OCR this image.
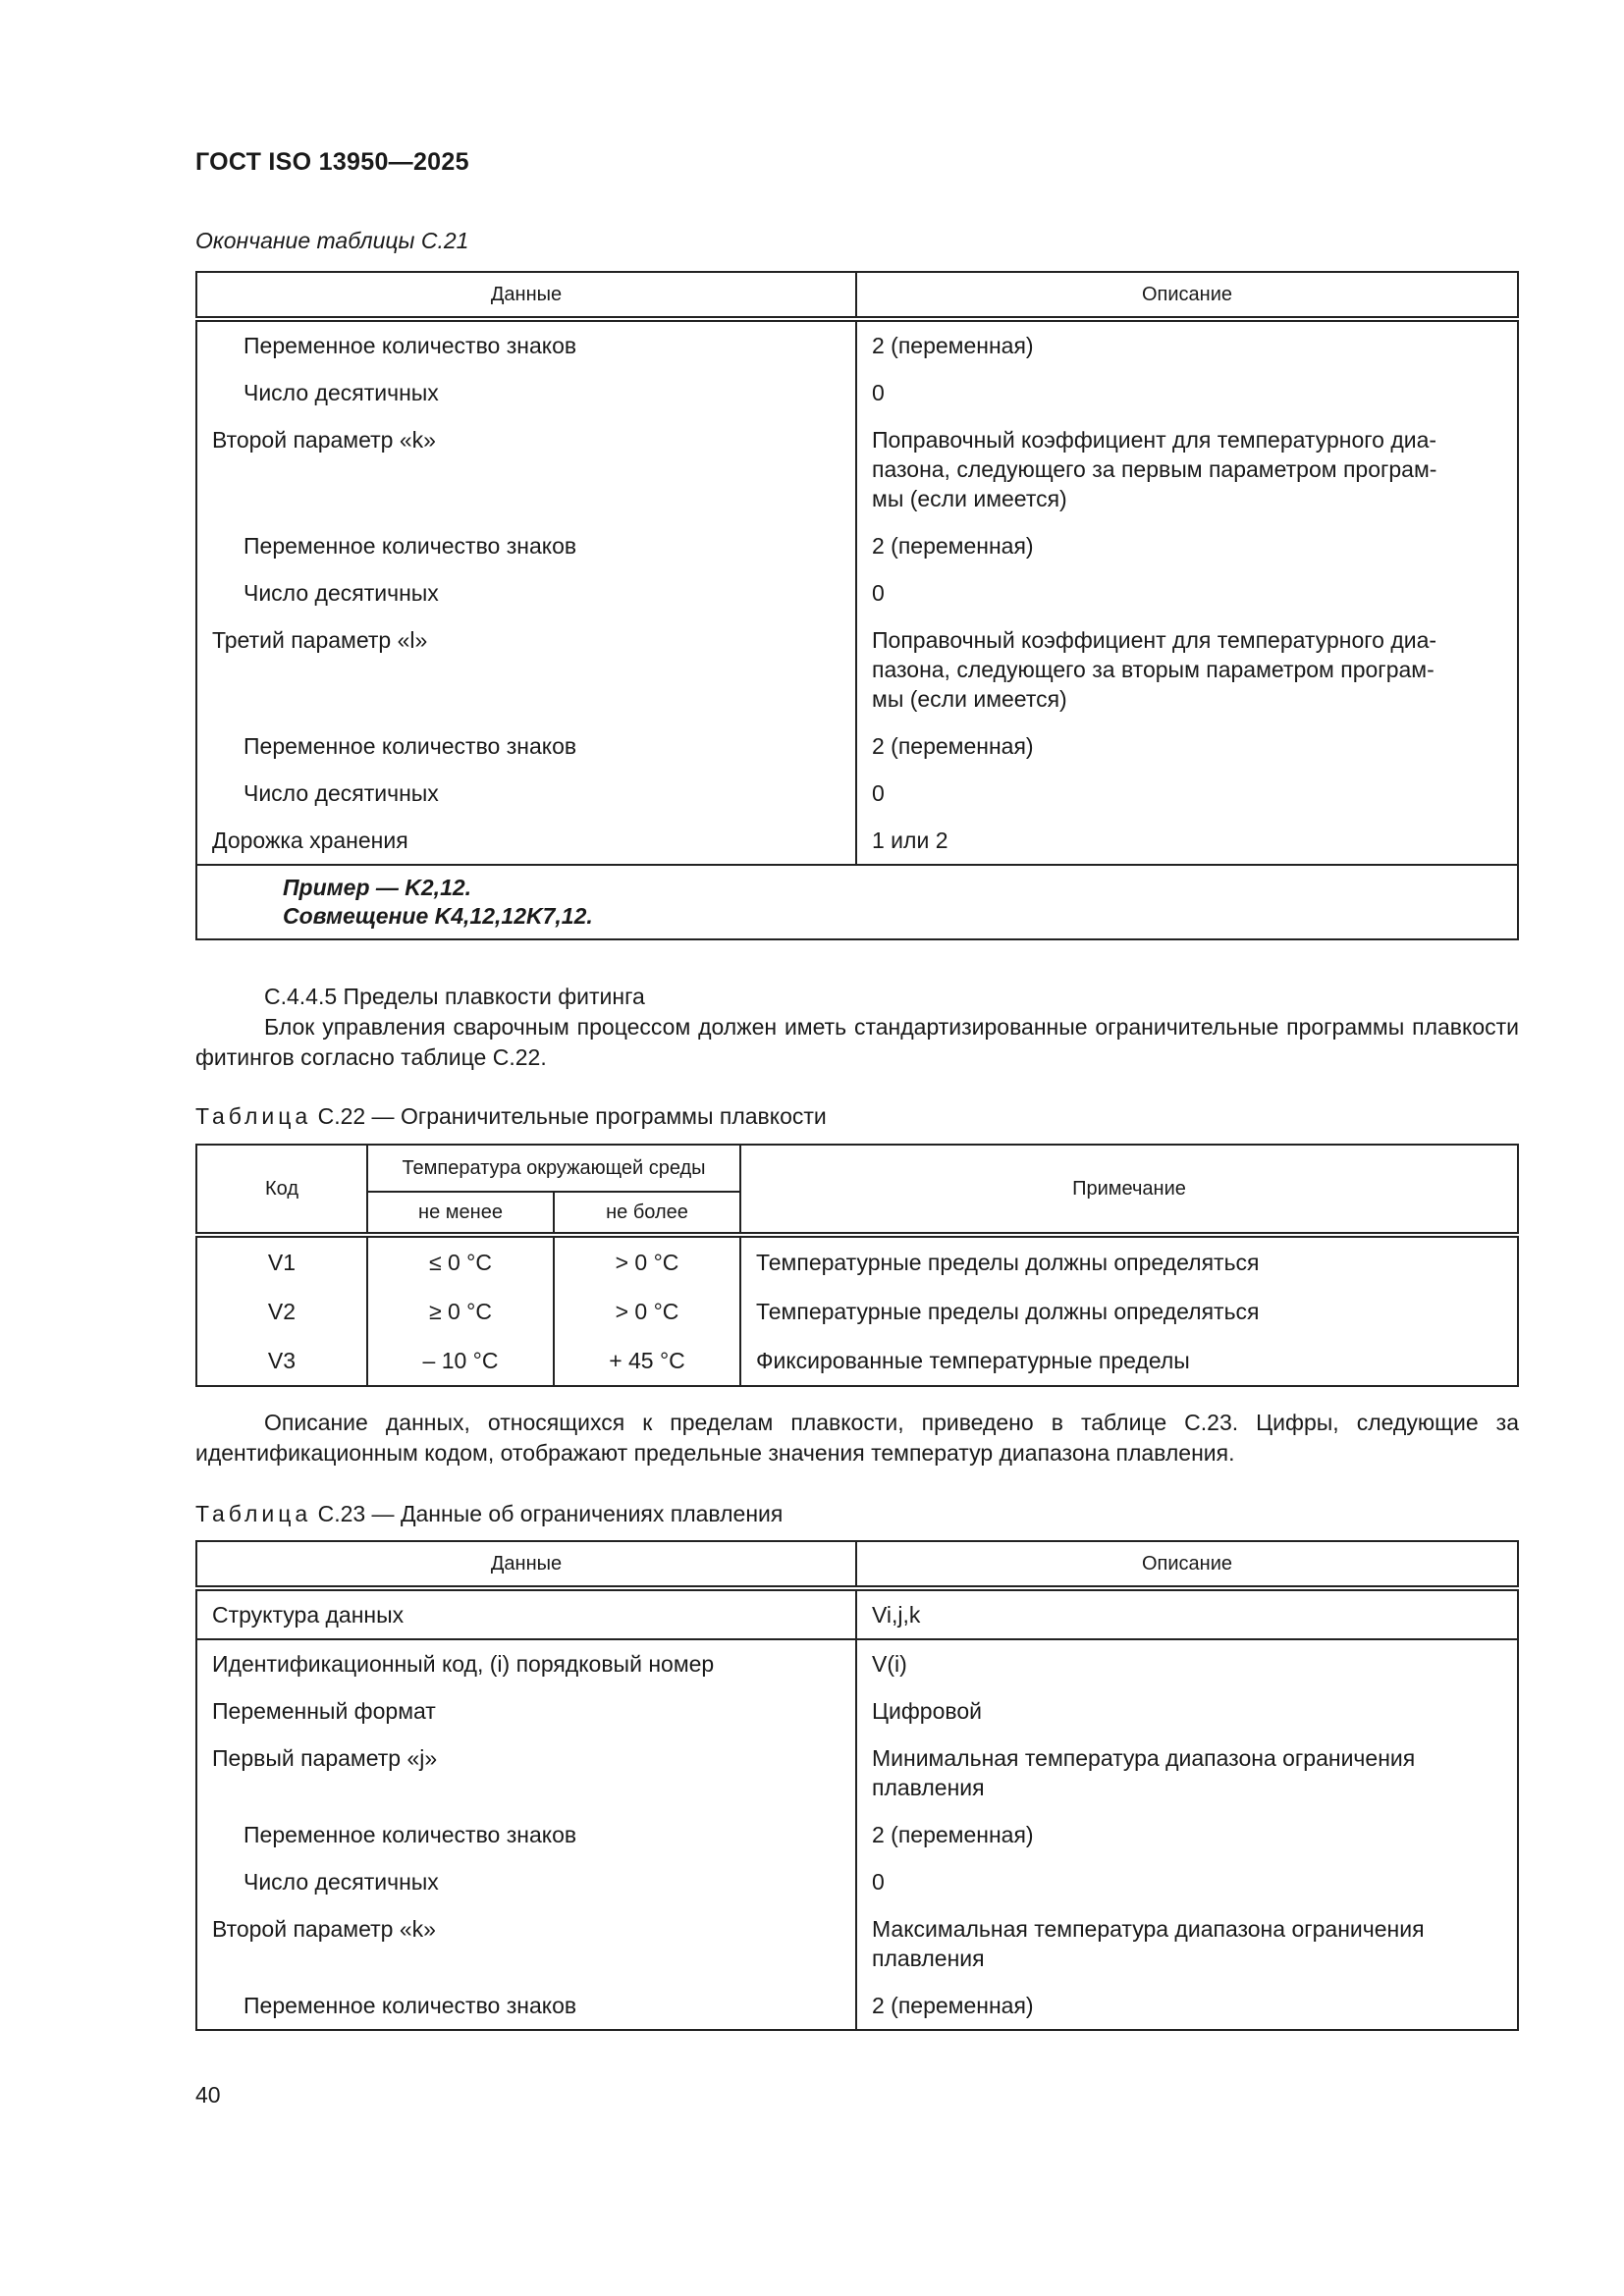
ГОСТ ISO 13950—2025
Окончание таблицы С.21
Данные	Описание
Переменное количество знаков	2 (переменная)
Число десятичных	0
Второй параметр «k»	Поправочный коэффициент для температурного диа-
пазона, следующего за первым параметром програм-
мы (если имеется)
Переменное количество знаков	2 (переменная)
Число десятичных	0
Третий параметр «l»	Поправочный коэффициент для температурного диа-
пазона, следующего за вторым параметром програм-
мы (если имеется)
Переменное количество знаков	2 (переменная)
Число десятичных	0
Дорожка хранения	1 или 2

Пример — K2,12.
Совмещение K4,12,12K7,12.	
С.4.4.5 Пределы плавкости фитинга
Блок управления сварочным процессом должен иметь стандартизированные ограничительные программы плавкости фитингов согласно таблице С.22.
Таблица С.22 — Ограничительные программы плавкости
Код	Температура окружающей среды		Примечание
	не менее	не более	
V1	≤ 0 °С	> 0 °С	Температурные пределы должны определяться
V2	≥ 0 °С	> 0 °С	Температурные пределы должны определяться
V3	– 10 °С	+ 45 °С	Фиксированные температурные пределы
Описание данных, относящихся к пределам плавкости, приведено в таблице С.23. Цифры, следующие за идентификационным кодом, отображают предельные значения температур диапазона плавления.
Таблица С.23 — Данные об ограничениях плавления
Данные	Описание
Структура данных	Vi,j,k
Идентификационный код, (i) порядковый номер	V(i)
Переменный формат	Цифровой
Первый параметр «j»	Минимальная температура диапазона ограничения плавления
Переменное количество знаков	2 (переменная)
Число десятичных	0
Второй параметр «k»	Максимальная температура диапазона ограничения плавления
Переменное количество знаков	2 (переменная)
40
